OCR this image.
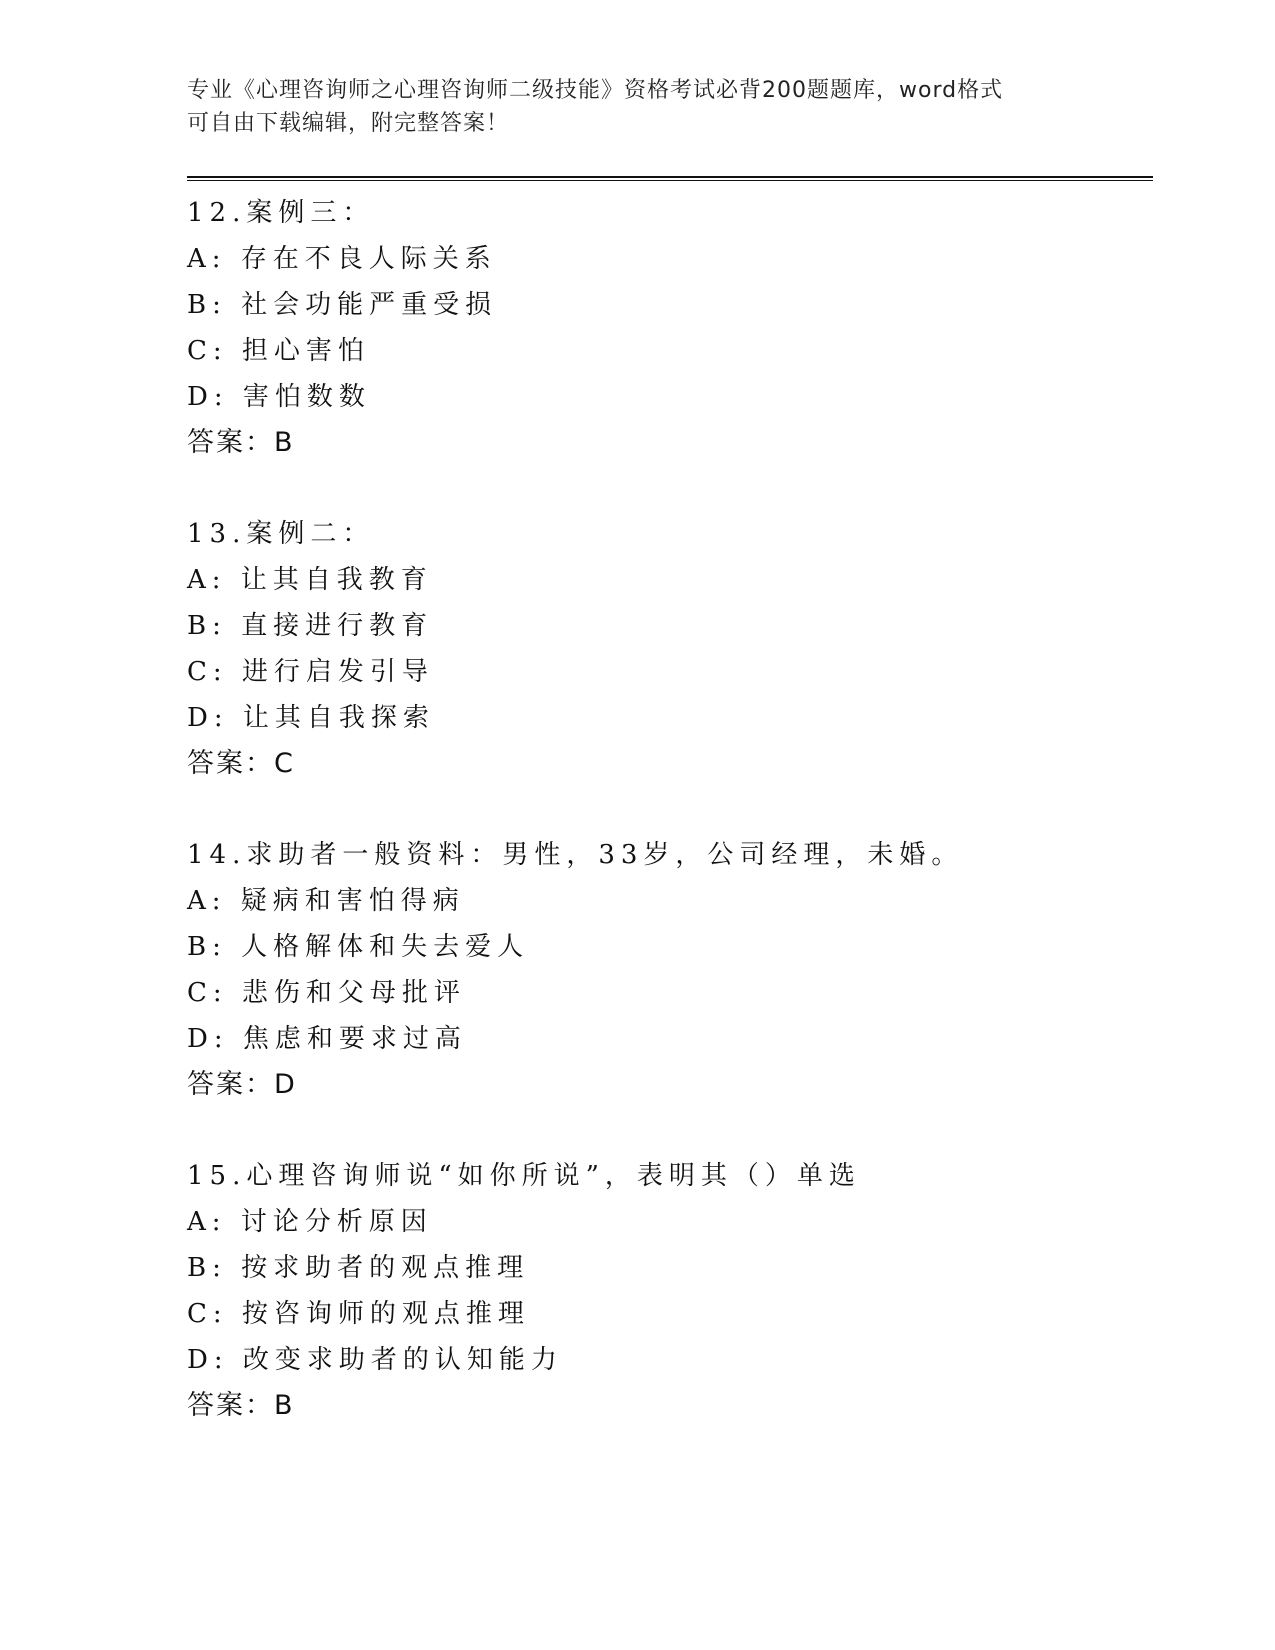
专业《心理咨询师之心理咨询师二级技能》资格考试必背200题题库，word格式
可自由下载编辑，附完整答案！
12.案例三：
A: 存在不良人际关系
B: 社会功能严重受损
C: 担心害怕
D: 害怕数数
答案：B
13.案例二：
A: 让其自我教育
B: 直接进行教育
C: 进行启发引导
D: 让其自我探索
答案：C
14.求助者一般资料：男性，33岁，公司经理，未婚。
A: 疑病和害怕得病
B: 人格解体和失去爱人
C: 悲伤和父母批评
D: 焦虑和要求过高
答案：D
15.心理咨询师说“如你所说”，表明其（）单选
A: 讨论分析原因
B: 按求助者的观点推理
C: 按咨询师的观点推理
D: 改变求助者的认知能力
答案：B
